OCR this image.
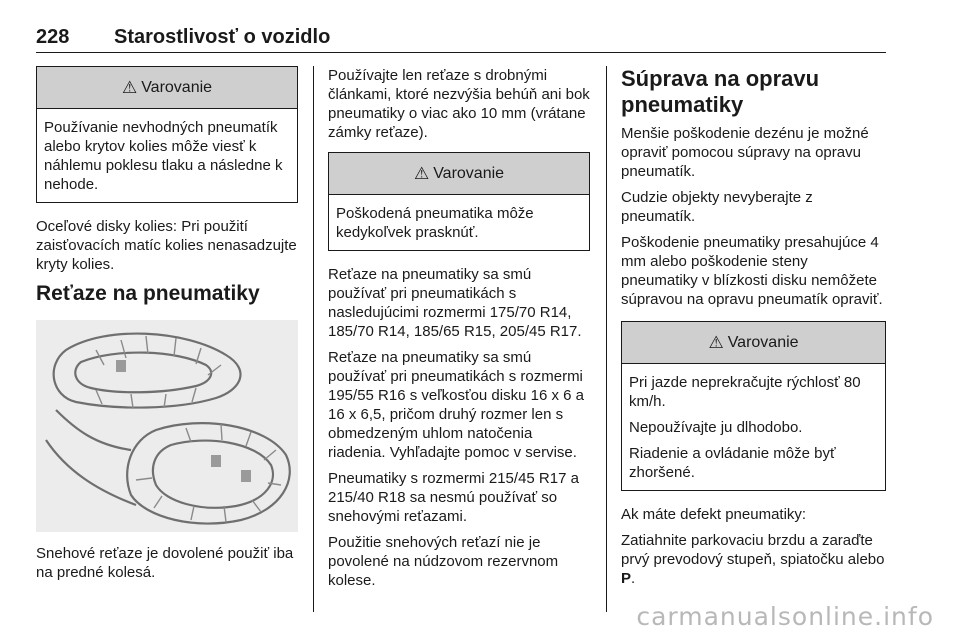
228 Starostlivosť o vozidlo
⚠ Varovanie

Používanie nevhodných pneumatík alebo krytov kolies môže viesť k náhlemu poklesu tlaku a následne k nehode.

Oceľové disky kolies: Pri použití zaisťovacích matíc kolies nenasadzujte kryty kolies.

Reťaze na pneumatiky

Snehové reťaze je dovolené použiť iba na predné kolesá.

Používajte len reťaze s drobnými článkami, ktoré nezvýšia behúň ani bok pneumatiky o viac ako 10 mm (vrátane zámky reťaze).

⚠ Varovanie

Poškodená pneumatika môže kedykoľvek prasknúť.

Reťaze na pneumatiky sa smú používať pri pneumatikách s nasledujúcimi rozmermi 175/70 R14, 185/70 R14, 185/65 R15, 205/45 R17.

Reťaze na pneumatiky sa smú používať pri pneumatikách s rozmermi 195/55 R16 s veľkosťou disku 16 x 6 a 16 x 6,5, pričom druhý rozmer len s obmedzeným uhlom natočenia riadenia. Vyhľadajte pomoc v servise.

Pneumatiky s rozmermi 215/45 R17 a 215/40 R18 sa nesmú používať so snehovými reťazami.

Použitie snehových reťazí nie je povolené na núdzovom rezervnom kolese.

Súprava na opravu pneumatiky

Menšie poškodenie dezénu je možné opraviť pomocou súpravy na opravu pneumatík.

Cudzie objekty nevyberajte z pneumatík.

Poškodenie pneumatiky presahujúce 4 mm alebo poškodenie steny pneumatiky v blízkosti disku nemôžete súpravou na opravu pneumatík opraviť.

⚠ Varovanie

Pri jazde neprekračujte rýchlosť 80 km/h.

Nepoužívajte ju dlhodobo.

Riadenie a ovládanie môže byť zhoršené.

Ak máte defekt pneumatiky:

Zatiahnite parkovaciu brzdu a zaraďte prvý prevodový stupeň, spiatočku alebo P.

carmanualsonline.info
